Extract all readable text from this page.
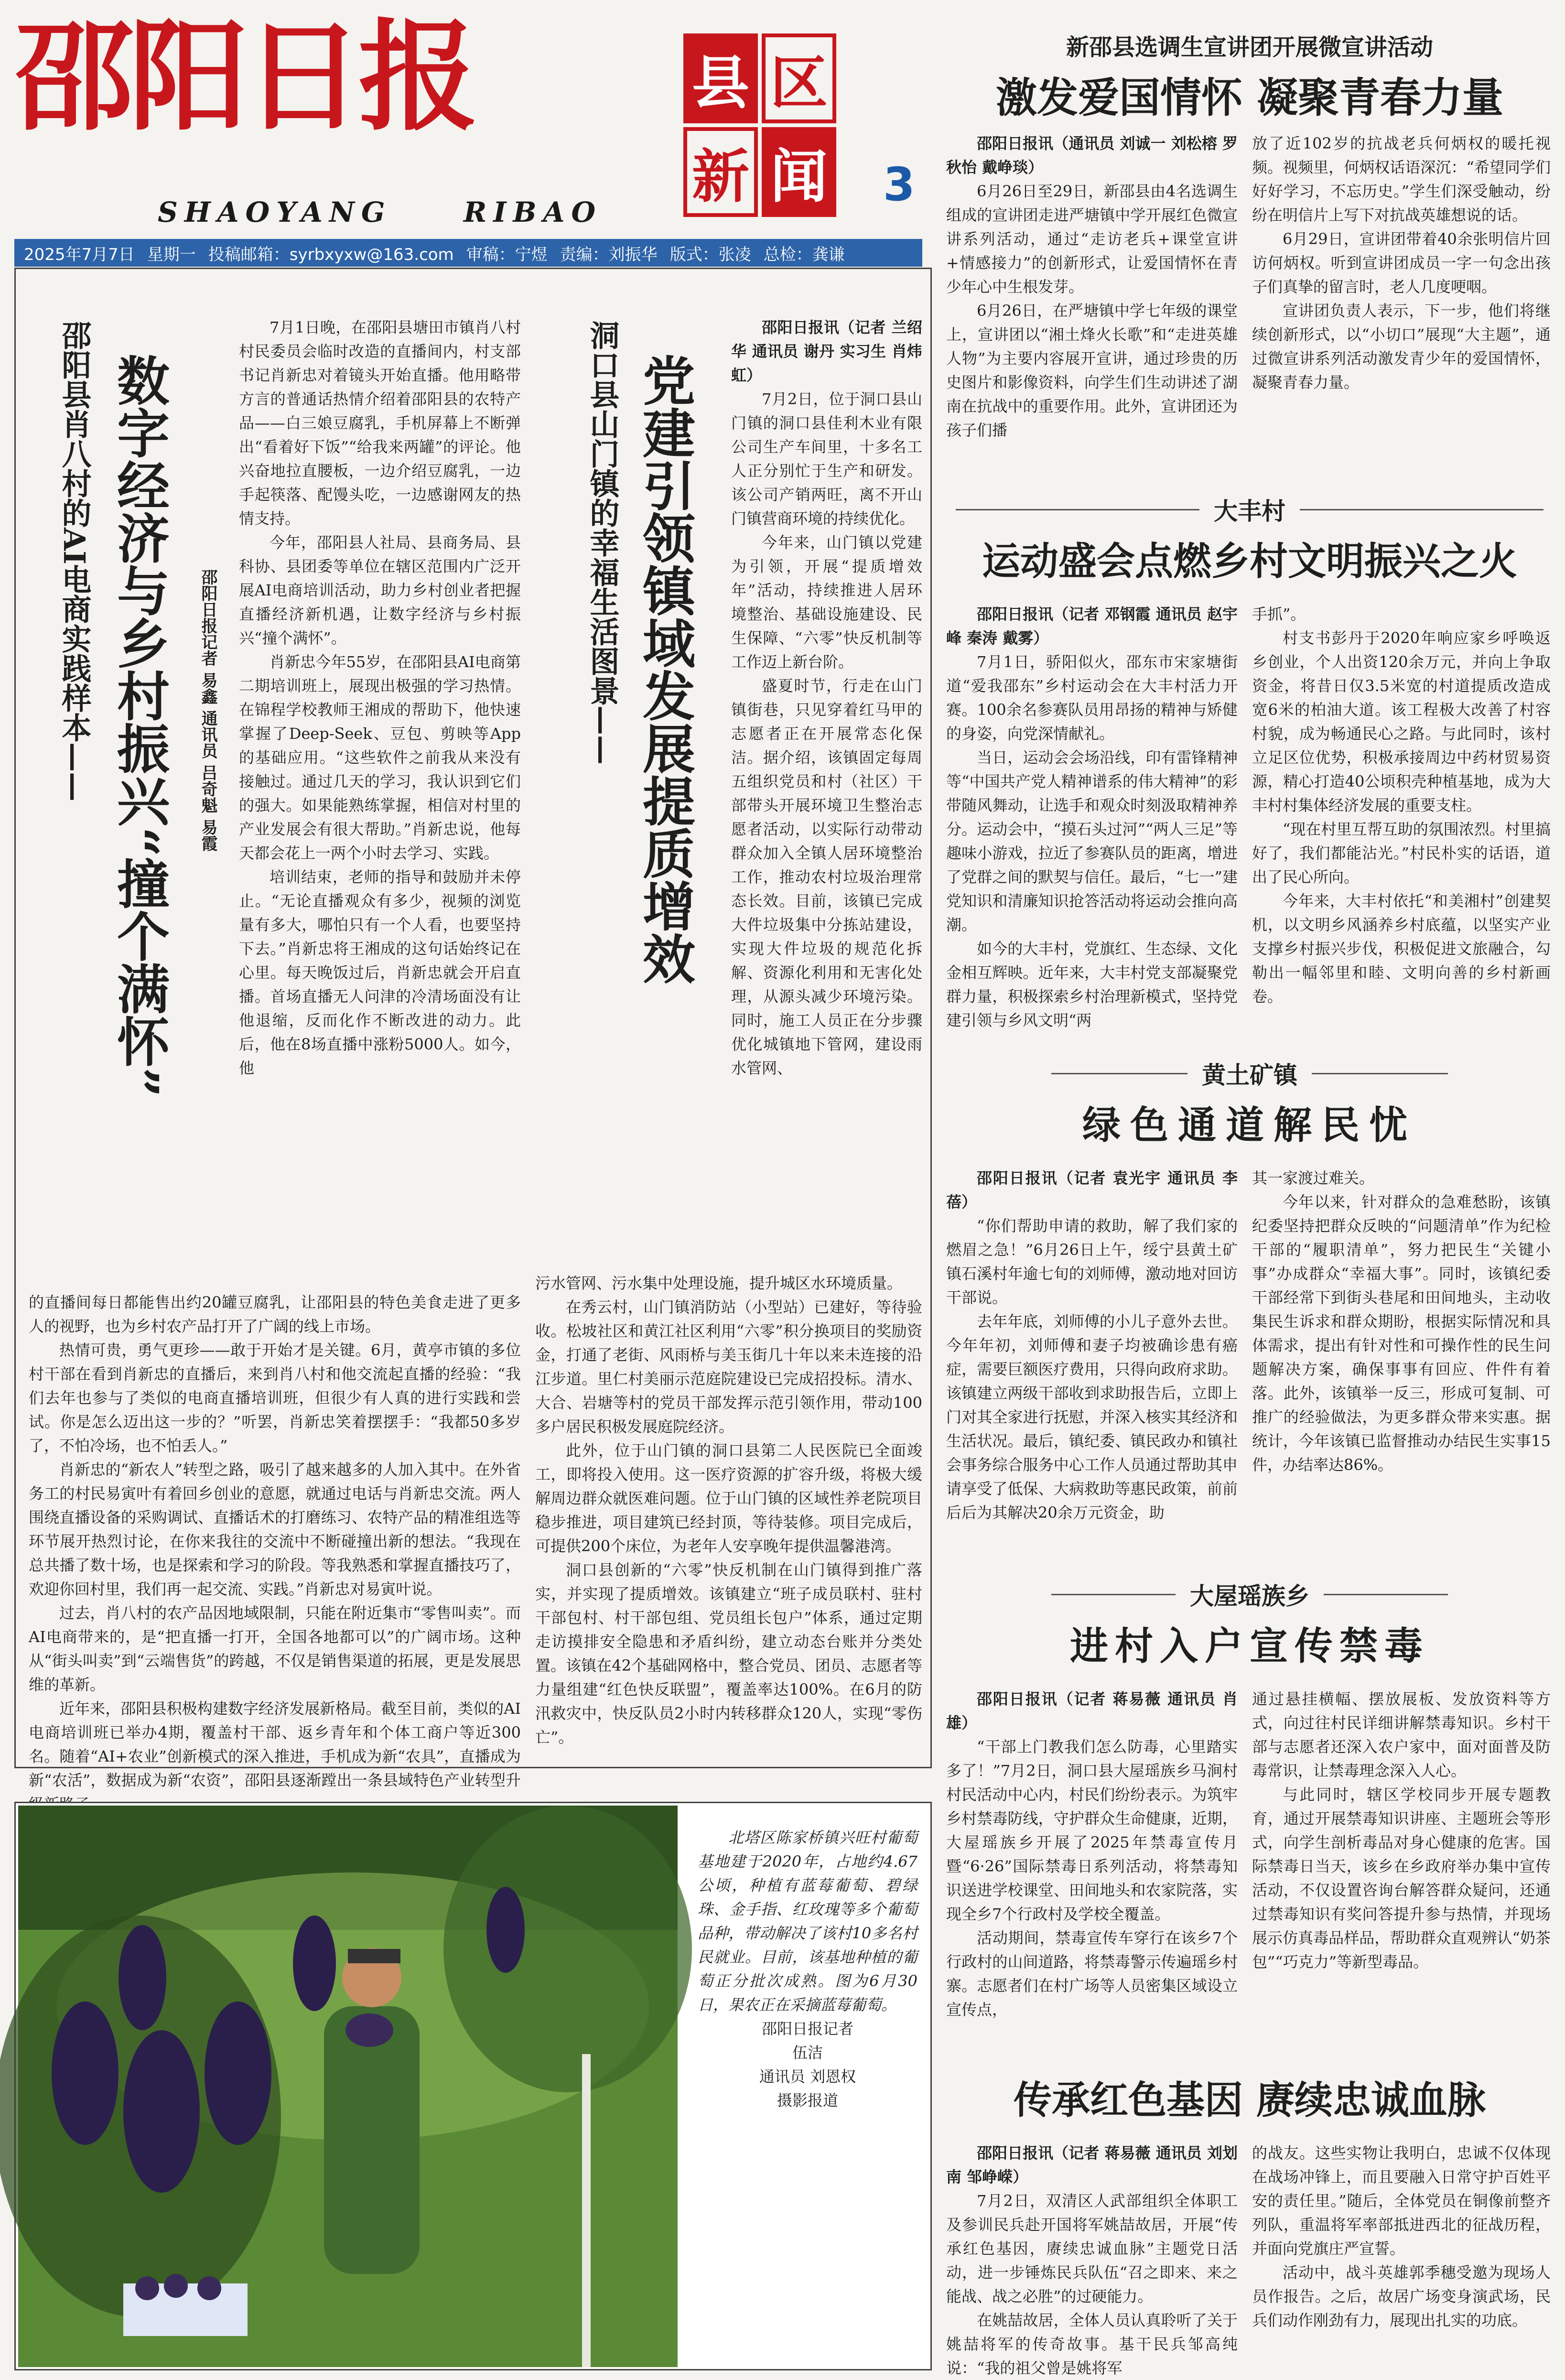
邵阳日报
SHAOYANG	RIBAO
县 区
新 闻 3
2025年7月7日 星期一 投稿邮箱：syrbxyxw@163.com 审稿：宁煜 责编：刘振华 版式：张凌 总检：龚谦
邵阳县肖八村的AI电商实践样本—— 数字经济与乡村振兴“撞个满怀”	邵阳日报记者 易鑫 通讯员 吕奇魁 易霞

7月1日晚，在邵阳县塘田市镇肖八村村民委员会临时改造的直播间内，村支部书记肖新忠对着镜头开始直播。他用略带方言的普通话热情介绍着邵阳县的农特产品——白三娘豆腐乳，手机屏幕上不断弹出“看着好下饭”“给我来两罐”的评论。他兴奋地拉直腰板，一边介绍豆腐乳，一边手起筷落、配馒头吃，一边感谢网友的热情支持。

今年，邵阳县人社局、县商务局、县科协、县团委等单位在辖区范围内广泛开展AI电商培训活动，助力乡村创业者把握直播经济新机遇，让数字经济与乡村振兴“撞个满怀”。

肖新忠今年55岁，在邵阳县AI电商第二期培训班上，展现出极强的学习热情。在锦程学校教师王湘成的帮助下，他快速掌握了Deep-Seek、豆包、剪映等App的基础应用。“这些软件之前我从来没有接触过。通过几天的学习，我认识到它们的强大。如果能熟练掌握，相信对村里的产业发展会有很大帮助。”肖新忠说，他每天都会花上一两个小时去学习、实践。

培训结束，老师的指导和鼓励并未停止。“无论直播观众有多少，视频的浏览量有多大，哪怕只有一个人看，也要坚持下去。”肖新忠将王湘成的这句话始终记在心里。每天晚饭过后，肖新忠就会开启直播。首场直播无人问津的冷清场面没有让他退缩，反而化作不断改进的动力。此后，他在8场直播中涨粉5000人。如今，他

的直播间每日都能售出约20罐豆腐乳，让邵阳县的特色美食走进了更多人的视野，也为乡村农产品打开了广阔的线上市场。

热情可贵，勇气更珍——敢于开始才是关键。6月，黄亭市镇的多位村干部在看到肖新忠的直播后，来到肖八村和他交流起直播的经验：“我们去年也参与了类似的电商直播培训班，但很少有人真的进行实践和尝试。你是怎么迈出这一步的？”听罢，肖新忠笑着摆摆手：“我都50多岁了，不怕冷场，也不怕丢人。”

肖新忠的“新农人”转型之路，吸引了越来越多的人加入其中。在外省务工的村民易寅叶有着回乡创业的意愿，就通过电话与肖新忠交流。两人围绕直播设备的采购调试、直播话术的打磨练习、农特产品的精准组选等环节展开热烈讨论，在你来我往的交流中不断碰撞出新的想法。“我现在总共播了数十场，也是探索和学习的阶段。等我熟悉和掌握直播技巧了，欢迎你回村里，我们再一起交流、实践。”肖新忠对易寅叶说。

过去，肖八村的农产品因地域限制，只能在附近集市“零售叫卖”。而AI电商带来的，是“把直播一打开，全国各地都可以”的广阔市场。这种从“街头叫卖”到“云端售货”的跨越，不仅是销售渠道的拓展，更是发展思维的革新。

近年来，邵阳县积极构建数字经济发展新格局。截至目前，类似的AI电商培训班已举办4期，覆盖村干部、返乡青年和个体工商户等近300名。随着“AI+农业”创新模式的深入推进，手机成为新“农具”，直播成为新“农活”，数据成为新“农资”，邵阳县逐渐蹚出一条县域特色产业转型升

洞口县山门镇的幸福生活图景—— 党建引领镇域发展提质增效

邵阳日报讯（记者 兰绍华 通讯员 谢丹 实习生 肖炜虹）

7月2日，位于洞口县山门镇的洞口县佳利木业有限公司生产车间里，十多名工人正分别忙于生产和研发。该公司产销两旺，离不开山门镇营商环境的持续优化。

今年来，山门镇以党建为引领，开展“提质增效年”活动，持续推进人居环境整治、基础设施建设、民生保障、“六零”快反机制等工作迈上新台阶。

盛夏时节，行走在山门镇街巷，只见穿着红马甲的志愿者正在开展常态化保洁。据介绍，该镇固定每周五组织党员和村（社区）干部带头开展环境卫生整治志愿者活动，以实际行动带动群众加入全镇人居环境整治工作，推动农村垃圾治理常态长效。目前，该镇已完成大件垃圾集中分拣站建设，实现大件垃圾的规范化拆解、资源化利用和无害化处理，从源头减少环境污染。同时，施工人员正在分步骤优化城镇地下管网，建设雨水管网、

污水管网、污水集中处理设施，提升城区水环境质量。

在秀云村，山门镇消防站（小型站）已建好，等待验收。松坡社区和黄江社区利用“六零”积分换项目的奖励资金，打通了老街、风雨桥与美玉街几十年以来未连接的沿江步道。里仁村美丽示范庭院建设已完成招投标。清水、大合、岩塘等村的党员干部发挥示范引领作用，带动100多户居民积极发展庭院经济。

此外，位于山门镇的洞口县第二人民医院已全面竣工，即将投入使用。这一医疗资源的扩容升级，将极大缓解周边群众就医难问题。位于山门镇的区域性养老院项目稳步推进，项目建筑已经封顶，等待装修。项目完成后，可提供200个床位，为老年人安享晚年提供温馨港湾。

洞口县创新的“六零”快反机制在山门镇得到推广落实，并实现了提质增效。该镇建立“班子成员联村、驻村干部包村、村干部包组、党员组长包户”体系，通过定期走访摸排安全隐患和矛盾纠纷，建立动态台账并分类处置。该镇在42个基础网格中，整合党员、团员、志愿者等力量组建“红色快反联盟”，覆盖率达100%。在6月的防汛救灾中，快反队员2小时内转移群众120人，实现“零伤亡”。

北塔区陈家桥镇兴旺村葡萄基地建于2020年，占地约4.67公顷，种植有蓝莓葡萄、碧绿珠、金手指、红玫瑰等多个葡萄品种，带动解决了该村10多名村民就业。目前，该基地种植的葡萄正分批次成熟。图为6月30日，果农正在采摘蓝莓葡萄。

邵阳日报记者
伍洁
通讯员 刘恩权
摄影报道
新邵县选调生宣讲团开展微宣讲活动
激发爱国情怀 凝聚青春力量

邵阳日报讯（通讯员 刘诚一 刘松榕 罗秋怡 戴峥琰）

6月26日至29日，新邵县由4名选调生组成的宣讲团走进严塘镇中学开展红色微宣讲系列活动，通过“走访老兵+课堂宣讲+情感接力”的创新形式，让爱国情怀在青少年心中生根发芽。

6月26日，在严塘镇中学七年级的课堂上，宣讲团以“湘土烽火长歌”和“走进英雄人物”为主要内容展开宣讲，通过珍贵的历史图片和影像资料，向学生们生动讲述了湖南在抗战中的重要作用。此外，宣讲团还为孩子们播

放了近102岁的抗战老兵何炳权的暖托视频。视频里，何炳权话语深沉：“希望同学们好好学习，不忘历史。”学生们深受触动，纷纷在明信片上写下对抗战英雄想说的话。

6月29日，宣讲团带着40余张明信片回访何炳权。听到宣讲团成员一字一句念出孩子们真挚的留言时，老人几度哽咽。

宣讲团负责人表示，下一步，他们将继续创新形式，以“小切口”展现“大主题”，通过微宣讲系列活动激发青少年的爱国情怀，凝聚青春力量。

大丰村
运动盛会点燃乡村文明振兴之火

邵阳日报讯（记者 邓钢霞 通讯员 赵宇峰 秦涛 戴雾）

7月1日，骄阳似火，邵东市宋家塘街道“爱我邵东”乡村运动会在大丰村活力开赛。100余名参赛队员用昂扬的精神与矫健的身姿，向党深情献礼。

当日，运动会会场沿线，印有雷锋精神等“中国共产党人精神谱系的伟大精神”的彩带随风舞动，让选手和观众时刻汲取精神养分。运动会中，“摸石头过河”“两人三足”等趣味小游戏，拉近了参赛队员的距离，增进了党群之间的默契与信任。最后，“七一”建党知识和清廉知识抢答活动将运动会推向高潮。

如今的大丰村，党旗红、生态绿、文化金相互辉映。近年来，大丰村党支部凝聚党群力量，积极探索乡村治理新模式，坚持党建引领与乡风文明“两

手抓”。

村支书彭丹于2020年响应家乡呼唤返乡创业，个人出资120余万元，并向上争取资金，将昔日仅3.5米宽的村道提质改造成宽6米的柏油大道。该工程极大改善了村容村貌，成为畅通民心之路。与此同时，该村立足区位优势，积极承接周边中药材贸易资源，精心打造40公顷积壳种植基地，成为大丰村村集体经济发展的重要支柱。

“现在村里互帮互助的氛围浓烈。村里搞好了，我们都能沾光。”村民朴实的话语，道出了民心所向。

今年来，大丰村依托“和美湘村”创建契机，以文明乡风涵养乡村底蕴，以坚实产业支撑乡村振兴步伐，积极促进文旅融合，勾勒出一幅邻里和睦、文明向善的乡村新画卷。

黄土矿镇
绿色通道解民忧

邵阳日报讯（记者 袁光宇 通讯员 李蓓）

“你们帮助申请的救助，解了我们家的燃眉之急！”6月26日上午，绥宁县黄土矿镇石溪村年逾七旬的刘师傅，激动地对回访干部说。

去年年底，刘师傅的小儿子意外去世。今年年初，刘师傅和妻子均被确诊患有癌症，需要巨额医疗费用，只得向政府求助。该镇建立两级干部收到求助报告后，立即上门对其全家进行抚慰，并深入核实其经济和生活状况。最后，镇纪委、镇民政办和镇社会事务综合服务中心工作人员通过帮助其申请享受了低保、大病救助等惠民政策，前前后后为其解决20余万元资金，助

其一家渡过难关。

今年以来，针对群众的急难愁盼，该镇纪委坚持把群众反映的“问题清单”作为纪检干部的“履职清单”，努力把民生“关键小事”办成群众“幸福大事”。同时，该镇纪委干部经常下到街头巷尾和田间地头，主动收集民生诉求和群众期盼，根据实际情况和具体需求，提出有针对性和可操作性的民生问题解决方案，确保事事有回应、件件有着落。此外，该镇举一反三，形成可复制、可推广的经验做法，为更多群众带来实惠。据统计，今年该镇已监督推动办结民生实事15件，办结率达86%。

大屋瑶族乡
进村入户宣传禁毒

邵阳日报讯（记者 蒋易薇 通讯员 肖雄）

“干部上门教我们怎么防毒，心里踏实多了！”7月2日，洞口县大屋瑶族乡马涧村村民活动中心内，村民们纷纷表示。为筑牢乡村禁毒防线，守护群众生命健康，近期，大屋瑶族乡开展了2025年禁毒宣传月暨“6·26”国际禁毒日系列活动，将禁毒知识送进学校课堂、田间地头和农家院落，实现全乡7个行政村及学校全覆盖。

活动期间，禁毒宣传车穿行在该乡7个行政村的山间道路，将禁毒警示传遍瑶乡村寨。志愿者们在村广场等人员密集区域设立宣传点，

通过悬挂横幅、摆放展板、发放资料等方式，向过往村民详细讲解禁毒知识。乡村干部与志愿者还深入农户家中，面对面普及防毒常识，让禁毒理念深入人心。

与此同时，辖区学校同步开展专题教育，通过开展禁毒知识讲座、主题班会等形式，向学生剖析毒品对身心健康的危害。国际禁毒日当天，该乡在乡政府举办集中宣传活动，不仅设置咨询台解答群众疑问，还通过禁毒知识有奖问答提升参与热情，并现场展示仿真毒品样品，帮助群众直观辨认“奶茶包”“巧克力”等新型毒品。

传承红色基因 赓续忠诚血脉

邵阳日报讯（记者 蒋易薇 通讯员 刘划南 邹峥嵘）

7月2日，双清区人武部组织全体职工及参训民兵赴开国将军姚喆故居，开展“传承红色基因，赓续忠诚血脉”主题党日活动，进一步锤炼民兵队伍“召之即来、来之能战、战之必胜”的过硬能力。

在姚喆故居，全体人员认真聆听了关于姚喆将军的传奇故事。基干民兵邹高纯说：“我的祖父曾是姚将军

的战友。这些实物让我明白，忠诚不仅体现在战场冲锋上，而且要融入日常守护百姓平安的责任里。”随后，全体党员在铜像前整齐列队，重温将军率部抵进西北的征战历程，并面向党旗庄严宣誓。

活动中，战斗英雄郭季穗受邀为现场人员作报告。之后，故居广场变身演武场，民兵们动作刚劲有力，展现出扎实的功底。
